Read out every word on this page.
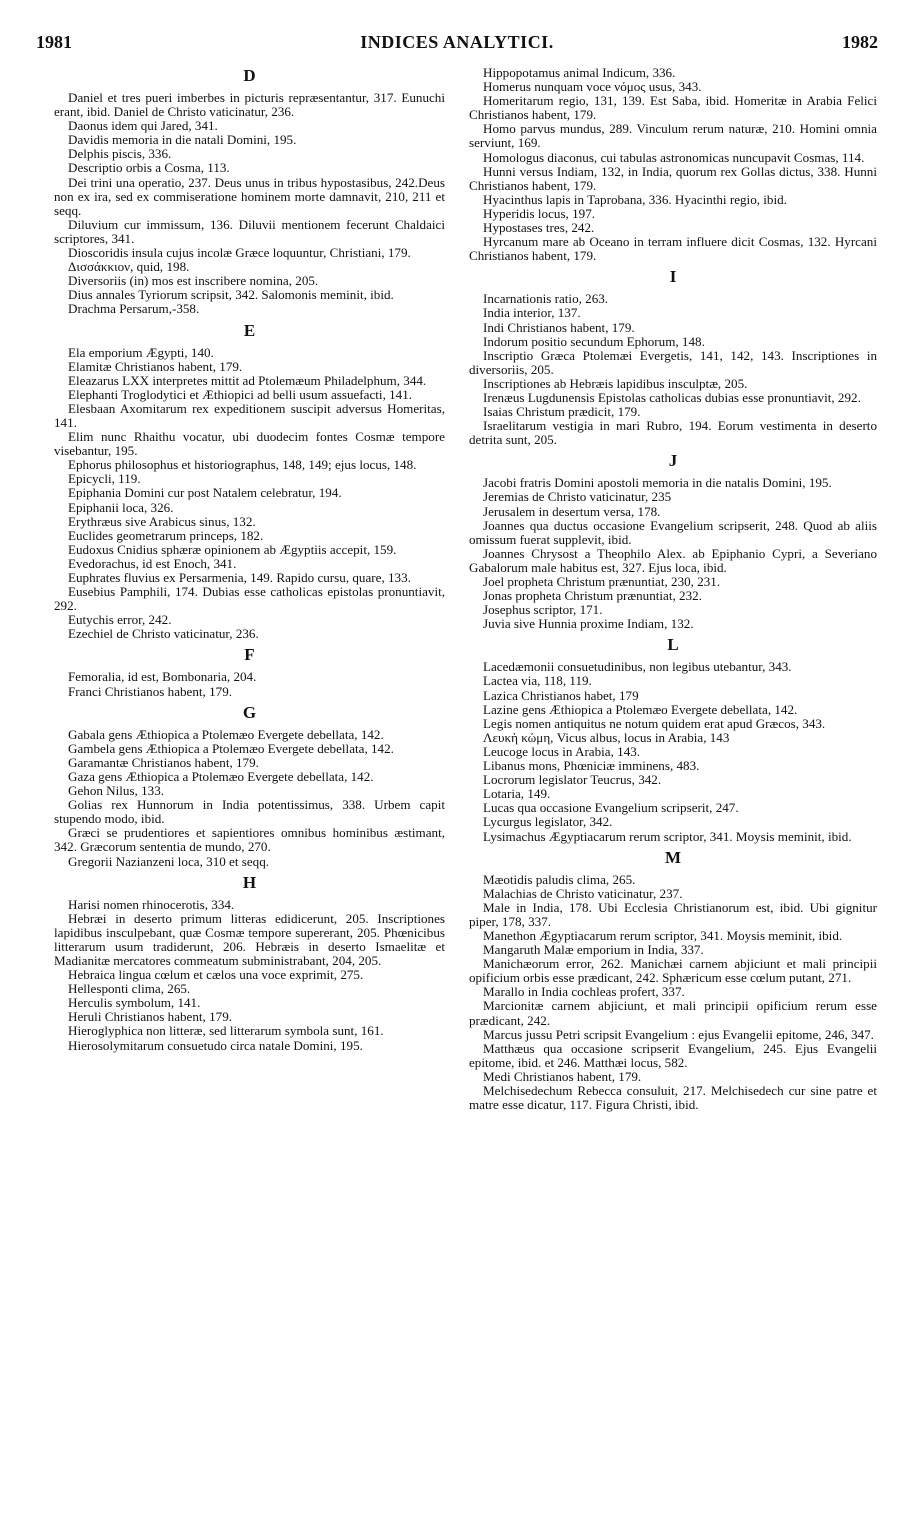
1981	INDICES ANALYTICI.	1982
D

Daniel et tres pueri imberbes in picturis repræsentantur, 317. Eunuchi erant, ibid. Daniel de Christo vaticinatur, 236.

Daonus idem qui Jared, 341.

Davidis memoria in die natali Domini, 195.

Delphis piscis, 336.

Descriptio orbis a Cosma, 113.

Dei trini una operatio, 237. Deus unus in tribus hypostasibus, 242.Deus non ex ira, sed ex commiseratione hominem morte damnavit, 210, 211 et seqq.

Diluvium cur immissum, 136. Diluvii mentionem fecerunt Chaldaici scriptores, 341.

Dioscoridis insula cujus incolæ Græce loquuntur, Christiani, 179.

Δισσάκκιον, quid, 198.

Diversoriis (in) mos est inscribere nomina, 205.

Dius annales Tyriorum scripsit, 342. Salomonis meminit, ibid.

Drachma Persarum,-358.

E

Ela emporium Ægypti, 140.

Elamitæ Christianos habent, 179.

Eleazarus LXX interpretes mittit ad Ptolemæum Philadelphum, 344.

Elephanti Troglodytici et Æthiopici ad belli usum assuefacti, 141.

Elesbaan Axomitarum rex expeditionem suscipit adversus Homeritas, 141.

Elim nunc Rhaithu vocatur, ubi duodecim fontes Cosmæ tempore visebantur, 195.

Ephorus philosophus et historiographus, 148, 149; ejus locus, 148.

Epicycli, 119.

Epiphania Domini cur post Natalem celebratur, 194.

Epiphanii loca, 326.

Erythræus sive Arabicus sinus, 132.

Euclides geometrarum princeps, 182.

Eudoxus Cnidius sphæræ opinionem ab Ægyptiis accepit, 159.

Evedorachus, id est Enoch, 341.

Euphrates fluvius ex Persarmenia, 149. Rapido cursu, quare, 133.

Eusebius Pamphili, 174. Dubias esse catholicas epistolas pronuntiavit, 292.

Eutychis error, 242.

Ezechiel de Christo vaticinatur, 236.

F

Femoralia, id est, Bombonaria, 204.

Franci Christianos habent, 179.

G

Gabala gens Æthiopica a Ptolemæo Evergete debellata, 142.

Gambela gens Æthiopica a Ptolemæo Evergete debellata, 142.

Garamantæ Christianos habent, 179.

Gaza gens Æthiopica a Ptolemæo Evergete debellata, 142.

Gehon Nilus, 133.

Golias rex Hunnorum in India potentissimus, 338. Urbem capit stupendo modo, ibid.

Græci se prudentiores et sapientiores omnibus hominibus æstimant, 342. Græcorum sententia de mundo, 270.

Gregorii Nazianzeni loca, 310 et seqq.

H

Harisi nomen rhinocerotis, 334.

Hebræi in deserto primum litteras edidicerunt, 205. Inscriptiones lapidibus insculpebant, quæ Cosmæ tempore supererant, 205. Phœnicibus litterarum usum tradiderunt, 206. Hebræis in deserto Ismaelitæ et Madianitæ mercatores commeatum subministrabant, 204, 205.

Hebraica lingua cœlum et cælos una voce exprimit, 275.

Hellesponti clima, 265.

Herculis symbolum, 141.

Heruli Christianos habent, 179.

Hieroglyphica non litteræ, sed litterarum symbola sunt, 161.

Hierosolymitarum consuetudo circa natale Domini, 195.

Hippopotamus animal Indicum, 336.

Homerus nunquam voce νόμος usus, 343.

Homeritarum regio, 131, 139. Est Saba, ibid. Homeritæ in Arabia Felici Christianos habent, 179.

Homo parvus mundus, 289. Vinculum rerum naturæ, 210. Homini omnia serviunt, 169.

Homologus diaconus, cui tabulas astronomicas nuncupavit Cosmas, 114.

Hunni versus Indiam, 132, in India, quorum rex Gollas dictus, 338. Hunni Christianos habent, 179.

Hyacinthus lapis in Taprobana, 336. Hyacinthi regio, ibid.

Hyperidis locus, 197.

Hypostases tres, 242.

Hyrcanum mare ab Oceano in terram influere dicit Cosmas, 132. Hyrcani Christianos habent, 179.

I

Incarnationis ratio, 263.

India interior, 137.

Indi Christianos habent, 179.

Indorum positio secundum Ephorum, 148.

Inscriptio Græca Ptolemæi Evergetis, 141, 142, 143. Inscriptiones in diversoriis, 205.

Inscriptiones ab Hebræis lapidibus insculptæ, 205.

Irenæus Lugdunensis Epistolas catholicas dubias esse pronuntiavit, 292.

Isaias Christum prædicit, 179.

Israelitarum vestigia in mari Rubro, 194. Eorum vestimenta in deserto detrita sunt, 205.

J

Jacobi fratris Domini apostoli memoria in die natalis Domini, 195.

Jeremias de Christo vaticinatur, 235

Jerusalem in desertum versa, 178.

Joannes qua ductus occasione Evangelium scripserit, 248. Quod ab aliis omissum fuerat supplevit, ibid.

Joannes Chrysost a Theophilo Alex. ab Epiphanio Cypri, a Severiano Gabalorum male habitus est, 327. Ejus loca, ibid.

Joel propheta Christum prænuntiat, 230, 231.

Jonas propheta Christum prænuntiat, 232.

Josephus scriptor, 171.

Juvia sive Hunnia proxime Indiam, 132.

L

Lacedæmonii consuetudinibus, non legibus utebantur, 343.

Lactea via, 118, 119.

Lazica Christianos habet, 179

Lazine gens Æthiopica a Ptolemæo Evergete debellata, 142.

Legis nomen antiquitus ne notum quidem erat apud Græcos, 343.

Λευκὴ κώμη, Vicus albus, locus in Arabia, 143

Leucoge locus in Arabia, 143.

Libanus mons, Phœniciæ imminens, 483.

Locrorum legislator Teucrus, 342.

Lotaria, 149.

Lucas qua occasione Evangelium scripserit, 247.

Lycurgus legislator, 342.

Lysimachus Ægyptiacarum rerum scriptor, 341. Moysis meminit, ibid.

M

Mæotidis paludis clima, 265.

Malachias de Christo vaticinatur, 237.

Male in India, 178. Ubi Ecclesia Christianorum est, ibid. Ubi gignitur piper, 178, 337.

Manethon Ægyptiacarum rerum scriptor, 341. Moysis meminit, ibid.

Mangaruth Malæ emporium in India, 337.

Manichæorum error, 262. Manichæi carnem abjiciunt et mali principii opificium orbis esse prædicant, 242. Sphæricum esse cœlum putant, 271.

Marallo in India cochleas profert, 337.

Marcionitæ carnem abjiciunt, et mali principii opificium rerum esse prædicant, 242.

Marcus jussu Petri scripsit Evangelium : ejus Evangelii epitome, 246, 347.

Matthæus qua occasione scripserit Evangelium, 245. Ejus Evangelii epitome, ibid. et 246. Matthæi locus, 582.

Medi Christianos habent, 179.

Melchisedechum Rebecca consuluit, 217. Melchisedech cur sine patre et matre esse dicatur, 117. Figura Christi, ibid.
